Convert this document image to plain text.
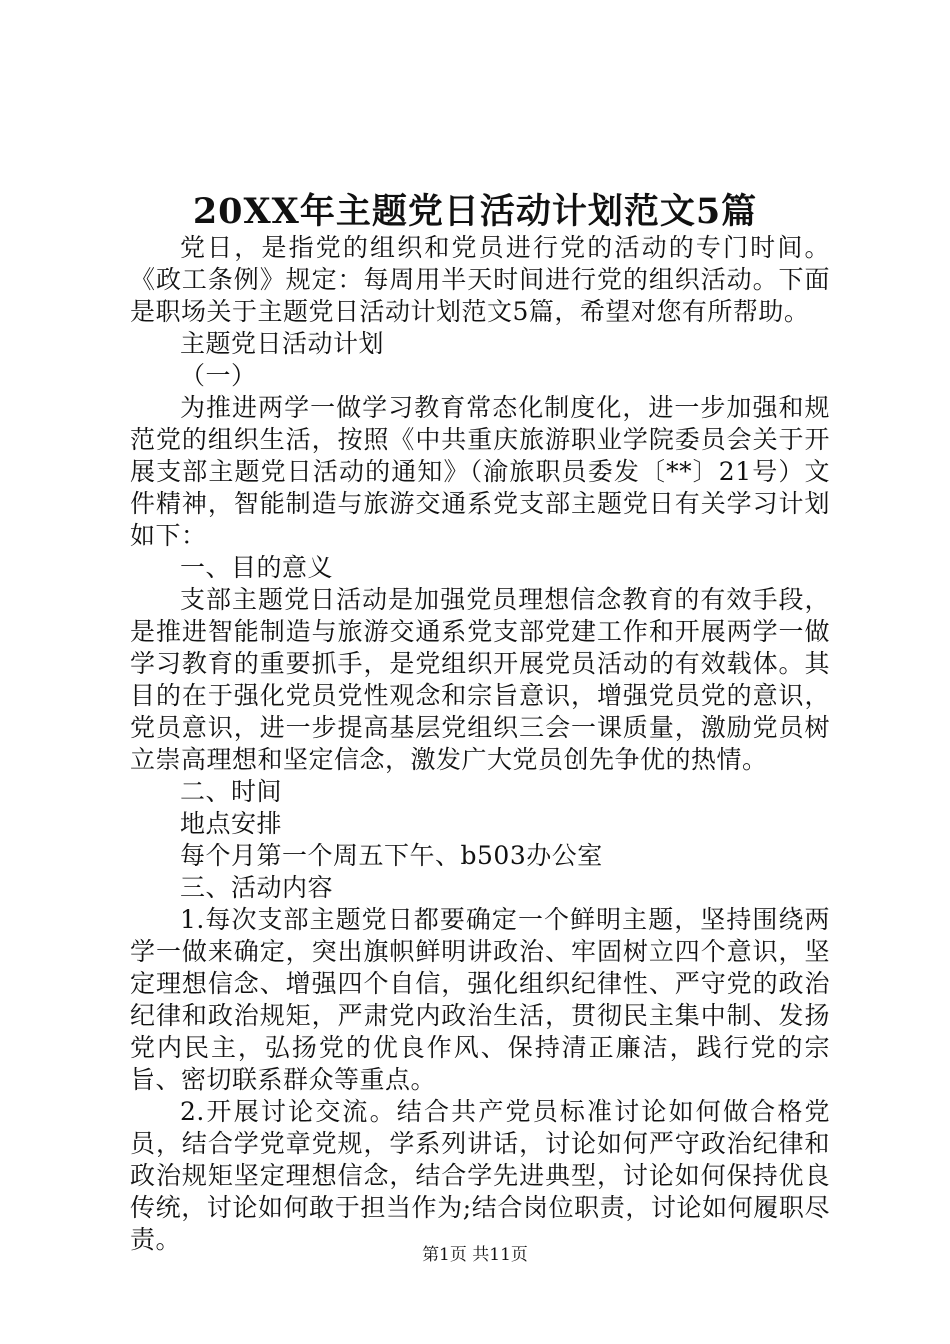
20XX年主题党日活动计划范文5篇

党日，是指党的组织和党员进行党的活动的专门时间。《政工条例》规定：每周用半天时间进行党的组织活动。下面是职场关于主题党日活动计划范文5篇，希望对您有所帮助。

主题党日活动计划

（一）

为推进两学一做学习教育常态化制度化，进一步加强和规范党的组织生活，按照《中共重庆旅游职业学院委员会关于开展支部主题党日活动的通知》（渝旅职员委发〔**〕21号）文件精神，智能制造与旅游交通系党支部主题党日有关学习计划如下：

一、目的意义

支部主题党日活动是加强党员理想信念教育的有效手段，是推进智能制造与旅游交通系党支部党建工作和开展两学一做学习教育的重要抓手，是党组织开展党员活动的有效载体。其目的在于强化党员党性观念和宗旨意识，增强党员党的意识，党员意识，进一步提高基层党组织三会一课质量，激励党员树立崇高理想和坚定信念，激发广大党员创先争优的热情。

二、时间

地点安排

每个月第一个周五下午、b503办公室

三、活动内容

1.每次支部主题党日都要确定一个鲜明主题，坚持围绕两学一做来确定，突出旗帜鲜明讲政治、牢固树立四个意识，坚定理想信念、增强四个自信，强化组织纪律性、严守党的政治纪律和政治规矩，严肃党内政治生活，贯彻民主集中制、发扬党内民主，弘扬党的优良作风、保持清正廉洁，践行党的宗旨、密切联系群众等重点。

2.开展讨论交流。结合共产党员标准讨论如何做合格党员，结合学党章党规，学系列讲话，讨论如何严守政治纪律和政治规矩坚定理想信念，结合学先进典型，讨论如何保持优良传统，讨论如何敢于担当作为;结合岗位职责，讨论如何履职尽责。

第1页 共11页
